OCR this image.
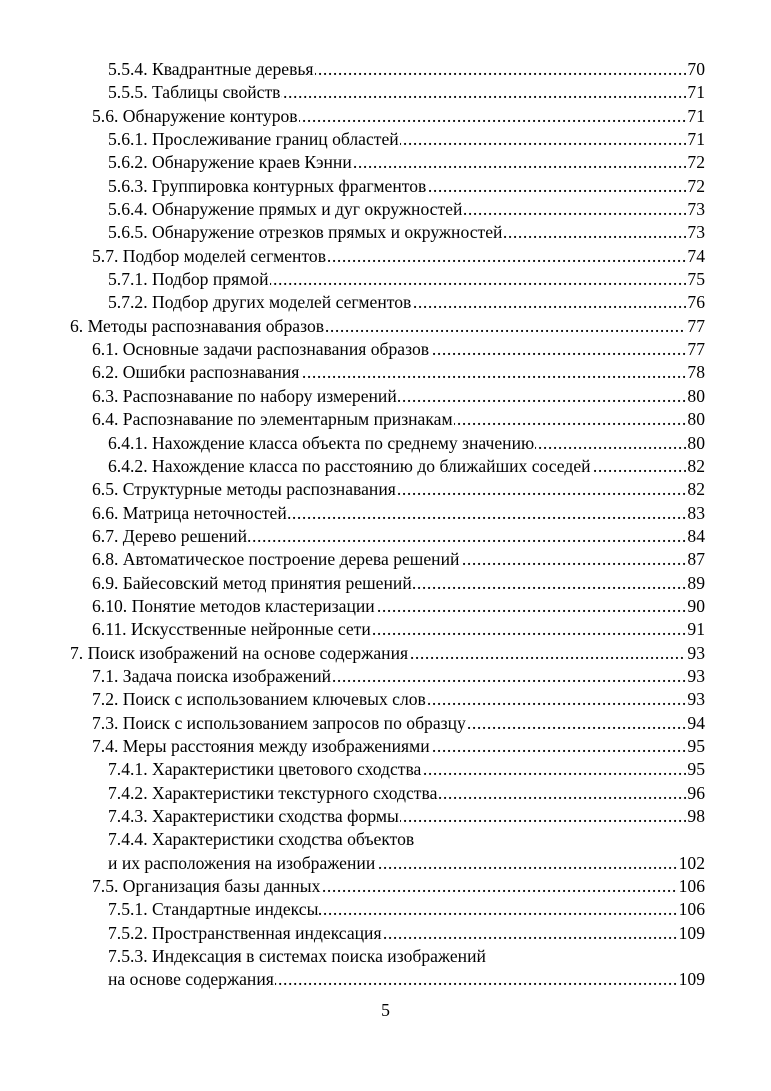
.....
5.5.4. Квадрантные деревья	70
.....
5.5.5. Таблицы свойств	71
.....
5.6. Обнаружение контуров	71
.....
5.6.1. Прослеживание границ областей	71
.....
5.6.2. Обнаружение краев Кэнни	72
.....
5.6.3. Группировка контурных фрагментов	72
.....
5.6.4. Обнаружение прямых и дуг окружностей	73
.....
5.6.5. Обнаружение отрезков прямых и окружностей	73
.....
5.7. Подбор моделей сегментов	74
.....
5.7.1. Подбор прямой	75
.....
5.7.2. Подбор других моделей сегментов	76
.....
6. Методы распознавания образов	77
.....
6.1. Основные задачи распознавания образов	77
.....
6.2. Ошибки распознавания	78
.....
6.3. Распознавание по набору измерений	80
.....
6.4. Распознавание по элементарным признакам	80
.....
6.4.1. Нахождение класса объекта по среднему значению	80
.....
6.4.2. Нахождение класса по расстоянию до ближайших соседей	82
.....
6.5. Структурные методы распознавания	82
.....
6.6. Матрица неточностей	83
.....
6.7. Дерево решений	84
.....
6.8. Автоматическое построение дерева решений	87
.....
6.9. Байесовский метод принятия решений	89
.....
6.10. Понятие методов кластеризации	90
.....
6.11. Искусственные нейронные сети	91
.....
7. Поиск изображений на основе содержания	93
.....
7.1. Задача поиска изображений	93
.....
7.2. Поиск с использованием ключевых слов	93
.....
7.3. Поиск с использованием запросов по образцу	94
.....
7.4. Меры расстояния между изображениями	95
.....
7.4.1. Характеристики цветового сходства	95
.....
7.4.2. Характеристики текстурного сходства	96
.....
7.4.3. Характеристики сходства формы	98
7.4.4. Характеристики сходства объектов
.....
и их расположения на изображении	102
.....
7.5. Организация базы данных	106
.....
7.5.1. Стандартные индексы	106
.....
7.5.2. Пространственная индексация	109
7.5.3. Индексация в системах поиска изображений
.....
на основе содержания	109
5
